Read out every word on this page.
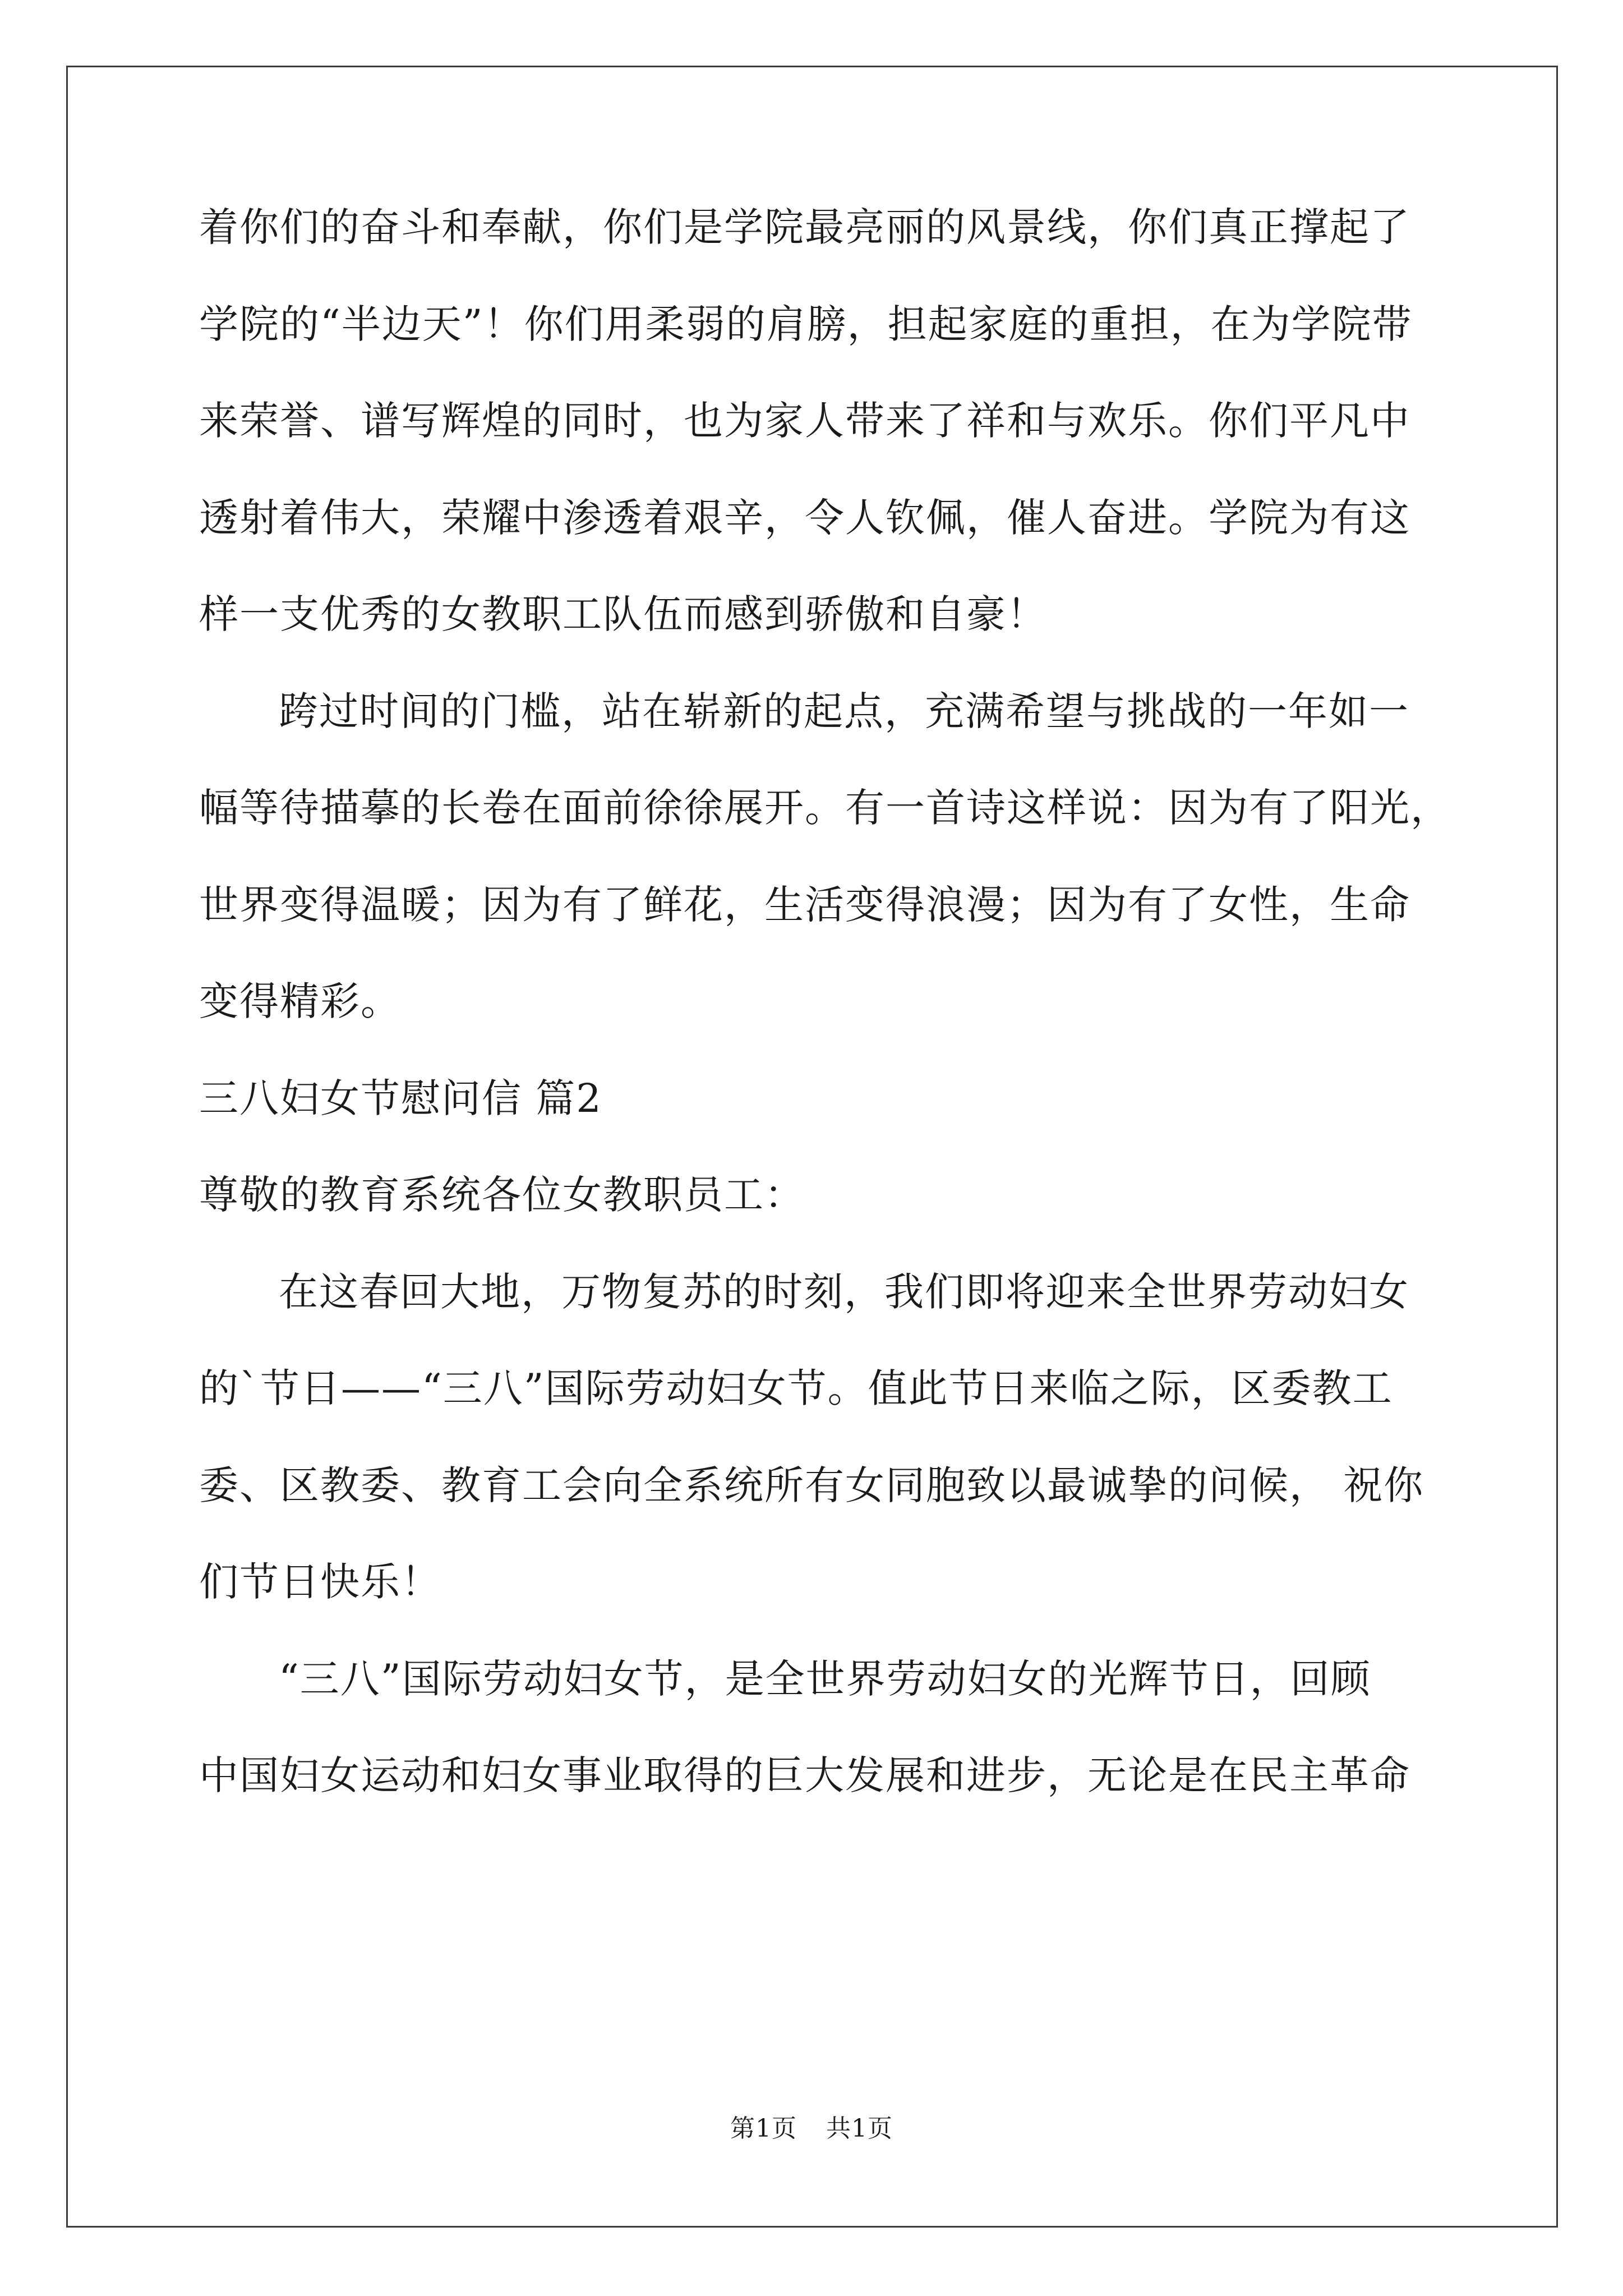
着你们的奋斗和奉献，你们是学院最亮丽的风景线，你们真正撑起了
学院的“半边天”！你们用柔弱的肩膀，担起家庭的重担，在为学院带
来荣誉、谱写辉煌的同时，也为家人带来了祥和与欢乐。你们平凡中
透射着伟大，荣耀中渗透着艰辛，令人钦佩，催人奋进。学院为有这
样一支优秀的女教职工队伍而感到骄傲和自豪！
跨过时间的门槛，站在崭新的起点，充满希望与挑战的一年如一
幅等待描摹的长卷在面前徐徐展开。有一首诗这样说：因为有了阳光，
世界变得温暖；因为有了鲜花，生活变得浪漫；因为有了女性，生命
变得精彩。
三八妇女节慰问信 篇2
尊敬的教育系统各位女教职员工：
在这春回大地，万物复苏的时刻，我们即将迎来全世界劳动妇女
的`节日——“三八”国际劳动妇女节。值此节日来临之际，区委教工
委、区教委、教育工会向全系统所有女同胞致以最诚挚的问候， 祝你
们节日快乐！
“三八”国际劳动妇女节，是全世界劳动妇女的光辉节日，回顾
中国妇女运动和妇女事业取得的巨大发展和进步，无论是在民主革命
第1页 共1页
